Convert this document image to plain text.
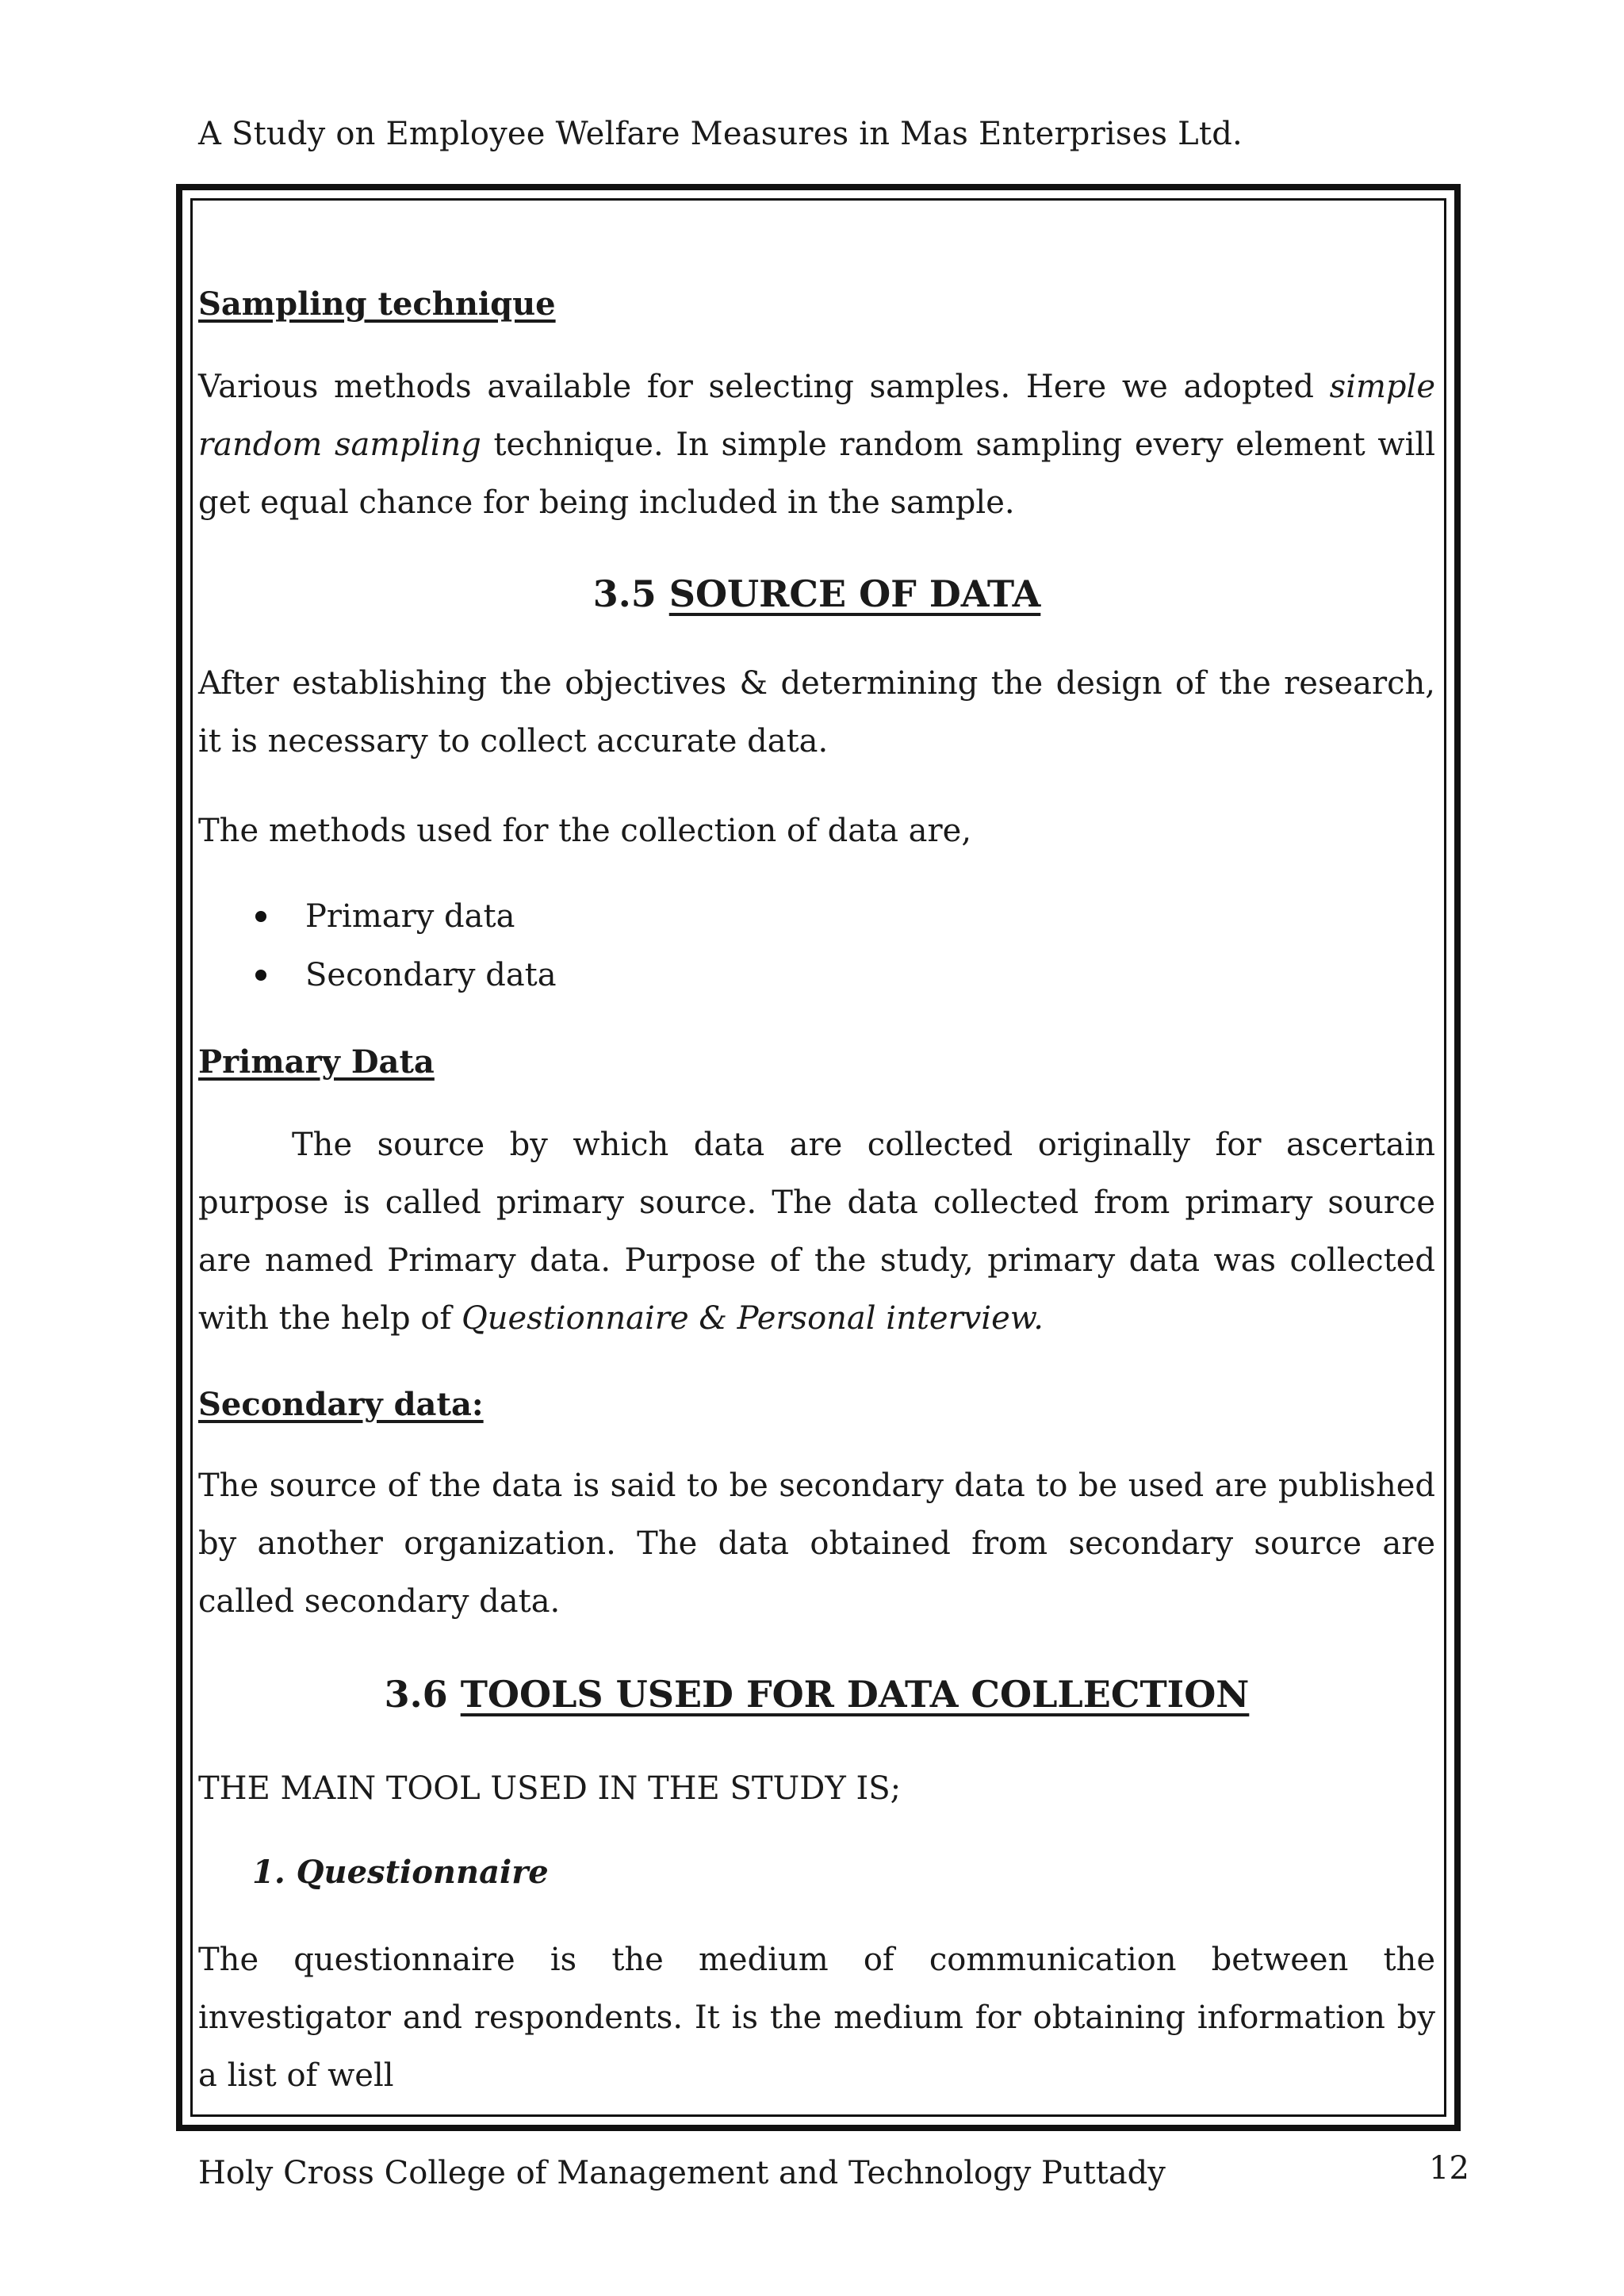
A Study on Employee Welfare Measures in Mas Enterprises Ltd.
Sampling technique
Various methods available for selecting samples. Here we adopted simple random sampling technique. In simple random sampling every element will get equal chance for being included in the sample.
3.5 SOURCE OF DATA
After establishing the objectives & determining the design of the research, it is necessary to collect accurate data.
The methods used for the collection of data are,
Primary data
Secondary data
Primary Data
The source by which data are collected originally for ascertain purpose is called primary source. The data collected from primary source are named Primary data. Purpose of the study, primary data was collected with the help of Questionnaire & Personal interview.
Secondary data:
The source of the data is said to be secondary data to be used are published by another organization. The data obtained from secondary source are called secondary data.
3.6 TOOLS USED FOR DATA COLLECTION
THE MAIN TOOL USED IN THE STUDY IS;
1. Questionnaire
The questionnaire is the medium of communication between the investigator and respondents. It is the medium for obtaining information by a list of well
Holy Cross College of Management and Technology Puttady	12
